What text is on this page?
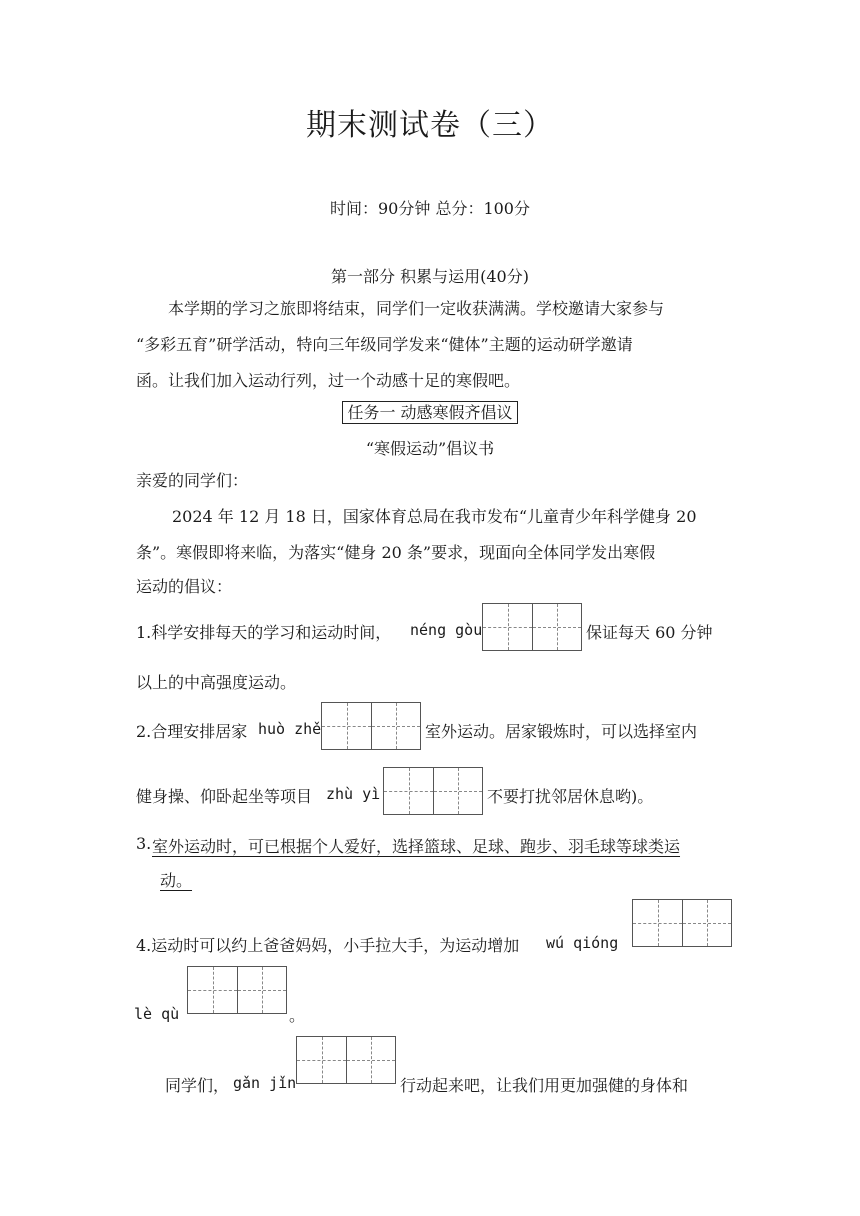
期末测试卷（三）
时间：90分钟 总分：100分
第一部分 积累与运用(40分)
本学期的学习之旅即将结束，同学们一定收获满满。学校邀请大家参与
“多彩五育”研学活动，特向三年级同学发来“健体”主题的运动研学邀请
函。让我们加入运动行列，过一个动感十足的寒假吧。
任务一 动感寒假齐倡议
“寒假运动”倡议书
亲爱的同学们：
2024 年 12 月 18 日，国家体育总局在我市发布“儿童青少年科学健身 20
条”。寒假即将来临，为落实“健身 20 条”要求，现面向全体同学发出寒假
运动的倡议：
1.科学安排每天的学习和运动时间， néng gòu	保证每天 60 分钟
以上的中高强度运动。
2.合理安排居家 huò zhě	室外运动。居家锻炼时，可以选择室内
健身操、仰卧起坐等项目 zhù yì	不要打扰邻居休息哟)。
3. 室外运动时，可已根据个人爱好，选择篮球、足球、跑步、羽毛球等球类运
动。
4.运动时可以约上爸爸妈妈，小手拉大手，为运动增加 wú qióng
lè qù	。
同学们， gǎn jǐn	行动起来吧，让我们用更加强健的身体和
